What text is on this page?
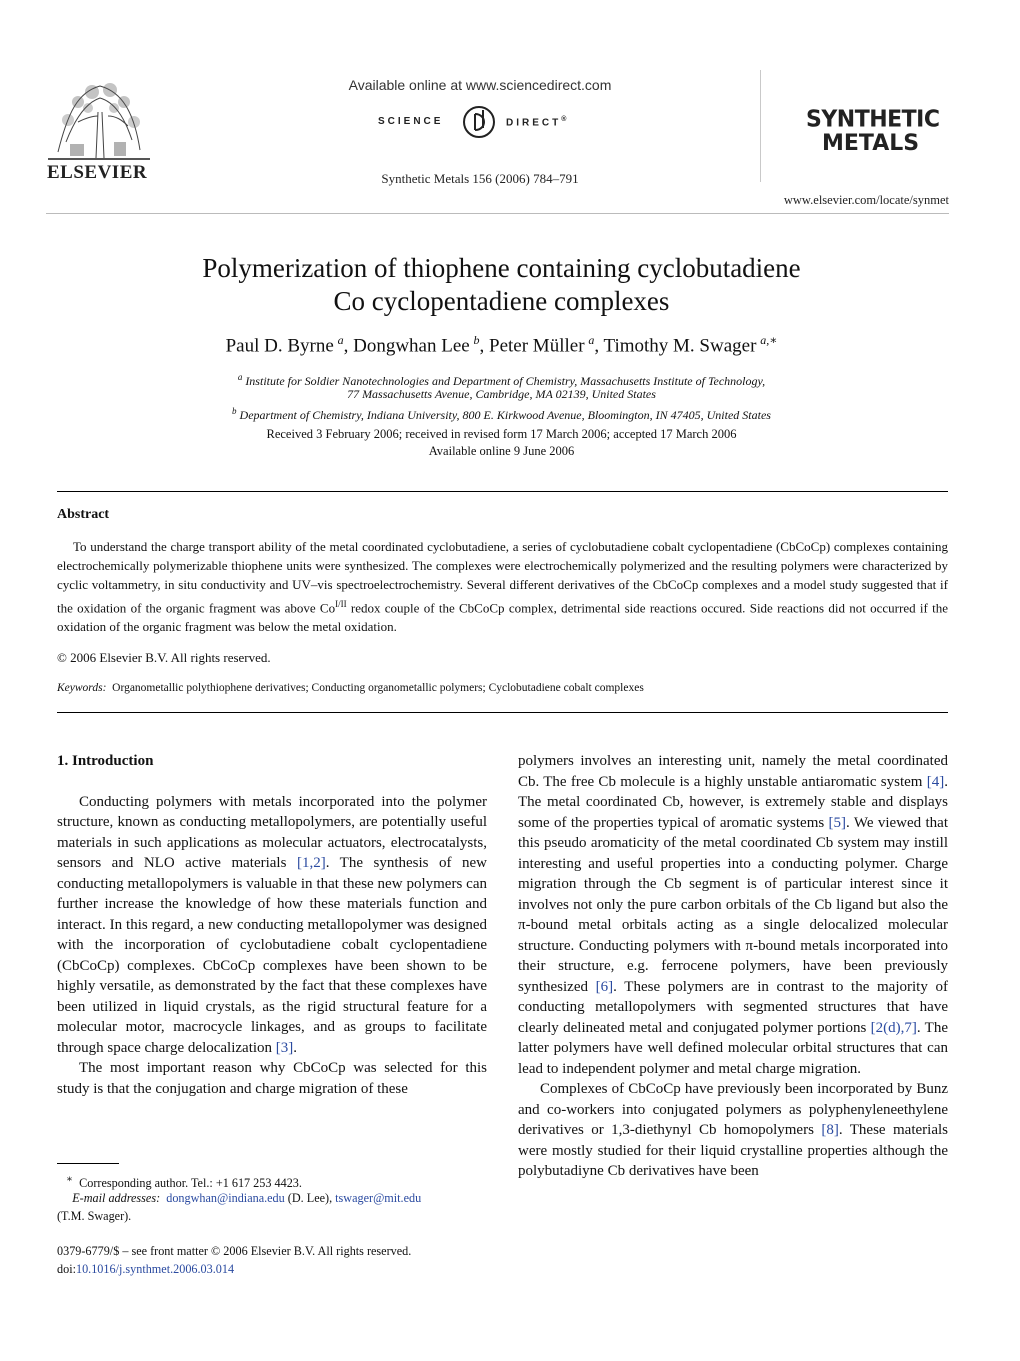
ELSEVIER
Available online at www.sciencedirect.com
SCIENCE	DIRECT®
Synthetic Metals 156 (2006) 784–791
SYNTHETIC
METALS
www.elsevier.com/locate/synmet
Polymerization of thiophene containing cyclobutadiene
Co cyclopentadiene complexes
Paul D. Byrne  $^a$, Dongwhan Lee  $^b$, Peter Müller  $^a$, Timothy M. Swager  $^{a,∗}$
$^a$ Institute for Soldier Nanotechnologies and Department of Chemistry, Massachusetts Institute of Technology,
77 Massachusetts Avenue, Cambridge, MA 02139, United States
$^b$ Department of Chemistry, Indiana University, 800 E. Kirkwood Avenue, Bloomington, IN 47405, United States
Received 3 February 2006; received in revised form 17 March 2006; accepted 17 March 2006
Available online 9 June 2006
Abstract

To understand the charge transport ability of the metal coordinated cyclobutadiene, a series of cyclobutadiene cobalt cyclopentadiene (CbCoCp) complexes containing electrochemically polymerizable thiophene units were synthesized. The complexes were electrochemically polymerized and the resulting polymers were characterized by cyclic voltammetry, in situ conductivity and UV–vis spectroelectrochemistry. Several different derivatives of the CbCoCp complexes and a model study suggested that if the oxidation of the organic fragment was above $Co^{I/II}$ redox couple of the CbCoCp complex, detrimental side reactions occured. Side reactions did not occurred if the oxidation of the organic fragment was below the metal oxidation.

© 2006 Elsevier B.V. All rights reserved.
Keywords: Organometallic polythiophene derivatives; Conducting organometallic polymers; Cyclobutadiene cobalt complexes

1. Introduction

Conducting polymers with metals incorporated into the polymer structure, known as conducting metallopolymers, are potentially useful materials in such applications as molecular actuators, electrocatalysts, sensors and NLO active materials [1,2]. The synthesis of new conducting metallopolymers is valuable in that these new polymers can further increase the knowledge of how these materials function and interact. In this regard, a new conducting metallopolymer was designed with the incorporation of cyclobutadiene cobalt cyclopentadiene (CbCoCp) complexes. CbCoCp complexes have been shown to be highly versatile, as demonstrated by the fact that these complexes have been utilized in liquid crystals, as the rigid structural feature for a molecular motor, macrocycle linkages, and as groups to facilitate through space charge delocalization [3].

The most important reason why CbCoCp was selected for this study is that the conjugation and charge migration of these

polymers involves an interesting unit, namely the metal coordinated Cb. The free Cb molecule is a highly unstable antiaromatic system [4]. The metal coordinated Cb, however, is extremely stable and displays some of the properties typical of aromatic systems [5]. We viewed that this pseudo aromaticity of the metal coordinated Cb system may instill interesting and useful properties into a conducting polymer. Charge migration through the Cb segment is of particular interest since it involves not only the pure carbon orbitals of the Cb ligand but also the π-bound metal orbitals acting as a single delocalized molecular structure. Conducting polymers with π-bound metals incorporated into their structure, e.g. ferrocene polymers, have been previously synthesized [6]. These polymers are in contrast to the majority of conducting metallopolymers with segmented structures that have clearly delineated metal and conjugated polymer portions [2(d),7]. The latter polymers have well defined molecular orbital structures that can lead to independent polymer and metal charge migration.

Complexes of CbCoCp have previously been incorporated by Bunz and co-workers into conjugated polymers as polyphenyleneethylene derivatives or 1,3-diethynyl Cb homopolymers [8]. These materials were mostly studied for their liquid crystalline properties although the polybutadiyne Cb derivatives have been

∗ Corresponding author. Tel.: +1 617 253 4423.
E-mail addresses: dongwhan@indiana.edu (D. Lee), tswager@mit.edu
(T.M. Swager).
0379-6779/$ – see front matter © 2006 Elsevier B.V. All rights reserved.
doi:10.1016/j.synthmet.2006.03.014
